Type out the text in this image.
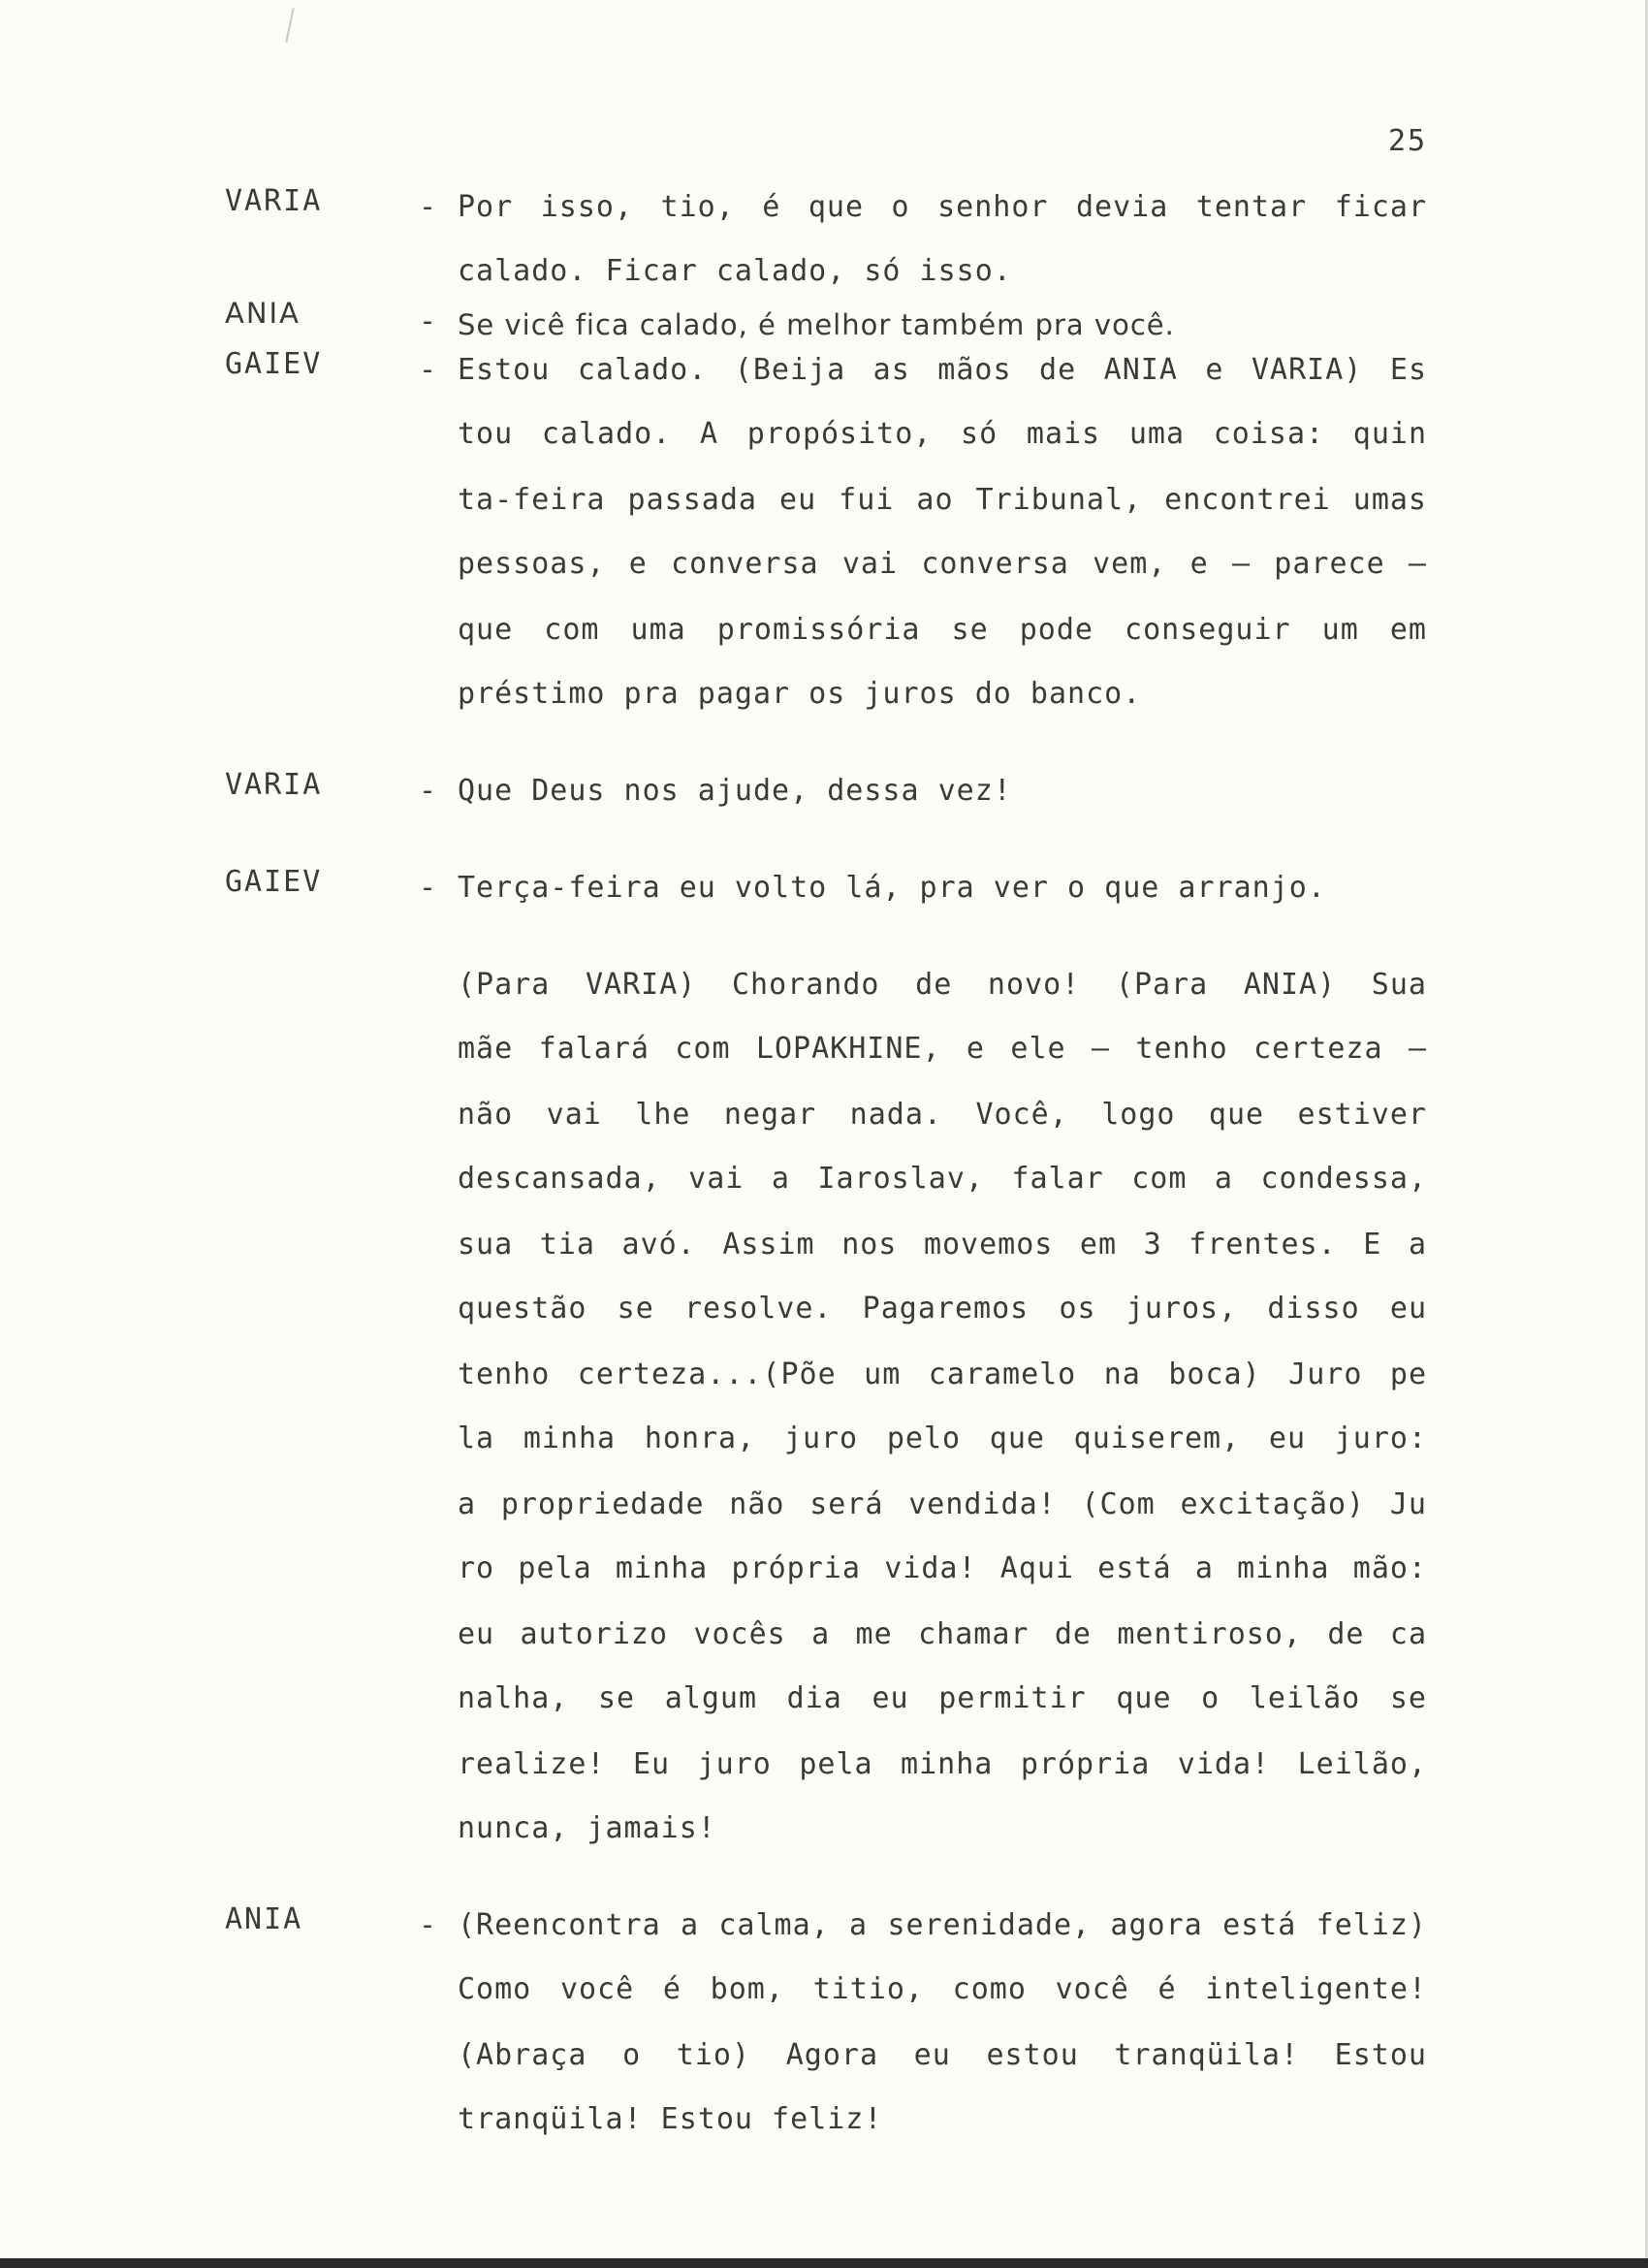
25
VARIA	- Por isso, tio, é que o senhor devia tentar ficar
calado. Ficar calado, só isso.
ANIA	- Se vicê fica calado, é melhor também pra você.
GAIEV	- Estou calado. (Beija as mãos de ANIA e VARIA) Es
tou calado. A propósito, só mais uma coisa: quin
ta-feira passada eu fui ao Tribunal, encontrei umas
pessoas, e conversa vai conversa vem, e — parece —
que com uma promissória se pode conseguir um em
préstimo pra pagar os juros do banco.
VARIA	- Que Deus nos ajude, dessa vez!
GAIEV	- Terça-feira eu volto lá, pra ver o que arranjo.
(Para VARIA) Chorando de novo! (Para ANIA) Sua
mãe falará com LOPAKHINE, e ele — tenho certeza —
não vai lhe negar nada. Você, logo que estiver
descansada, vai a Iaroslav, falar com a condessa,
sua tia avó. Assim nos movemos em 3 frentes. E a
questão se resolve. Pagaremos os juros, disso eu
tenho certeza...(Põe um caramelo na boca) Juro pe
la minha honra, juro pelo que quiserem, eu juro:
a propriedade não será vendida! (Com excitação) Ju
ro pela minha própria vida! Aqui está a minha mão:
eu autorizo vocês a me chamar de mentiroso, de ca
nalha, se algum dia eu permitir que o leilão se
realize! Eu juro pela minha própria vida! Leilão,
nunca, jamais!
ANIA	- (Reencontra a calma, a serenidade, agora está feliz)
Como você é bom, titio, como você é inteligente!
(Abraça o tio) Agora eu estou tranqüila! Estou
tranqüila! Estou feliz!
